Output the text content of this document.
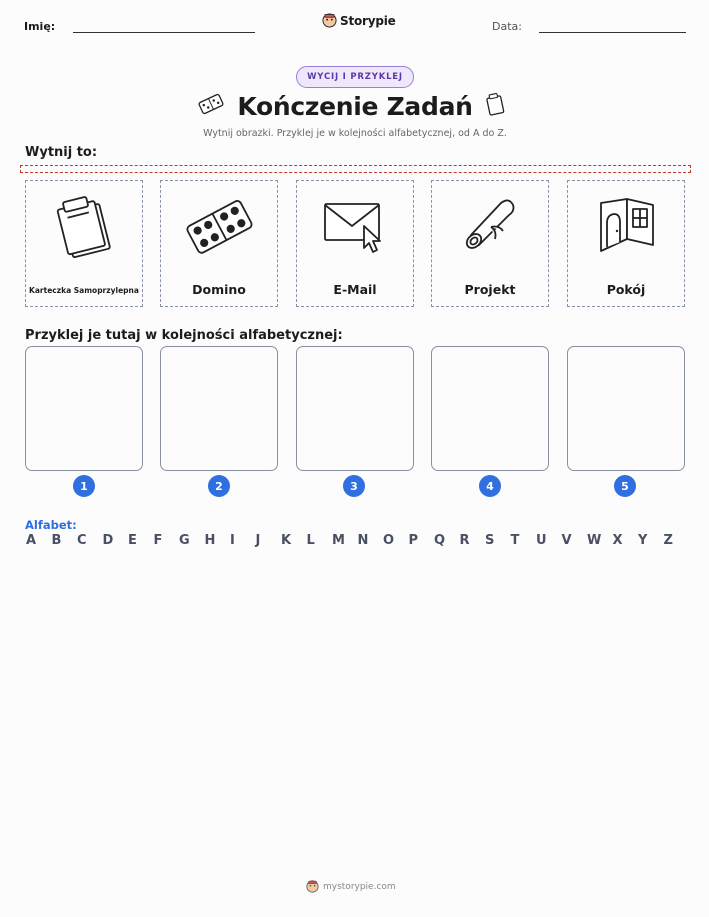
Imię:	Storypie	Data:
WYCIJ I PRZYKLEJ
Kończenie Zadań
Wytnij obrazki. Przyklej je w kolejności alfabetycznej, od A do Z.
Wytnij to:
Karteczka Samoprzylepna	Domino	E-Mail	Projekt	Pokój
Przyklej je tutaj w kolejności alfabetycznej:
1	2	3	4	5
Alfabet:
A	B	C	D	E	F	G	H	I	J	K	L	M N	O	P	Q	R	S	T	U	V	W X	Y	Z
mystorypie.com
